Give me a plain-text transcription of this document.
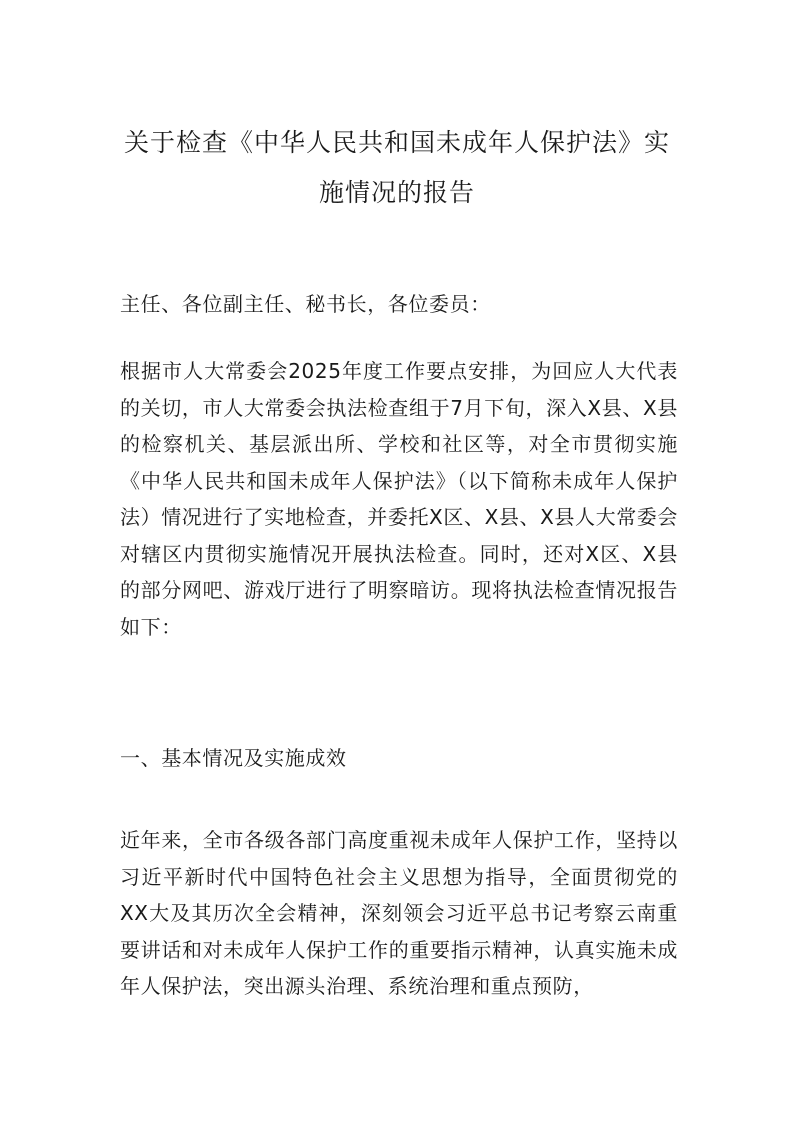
关于检查《中华人民共和国未成年人保护法》实施情况的报告

主任、各位副主任、秘书长，各位委员：

根据市人大常委会2025年度工作要点安排，为回应人大代表的关切，市人大常委会执法检查组于7月下旬，深入X县、X县的检察机关、基层派出所、学校和社区等，对全市贯彻实施《中华人民共和国未成年人保护法》（以下简称未成年人保护法）情况进行了实地检查，并委托X区、X县、X县人大常委会对辖区内贯彻实施情况开展执法检查。同时，还对X区、X县的部分网吧、游戏厅进行了明察暗访。现将执法检查情况报告如下：

一、基本情况及实施成效

近年来，全市各级各部门高度重视未成年人保护工作，坚持以习近平新时代中国特色社会主义思想为指导，全面贯彻党的XX大及其历次全会精神，深刻领会习近平总书记考察云南重要讲话和对未成年人保护工作的重要指示精神，认真实施未成年人保护法，突出源头治理、系统治理和重点预防，
